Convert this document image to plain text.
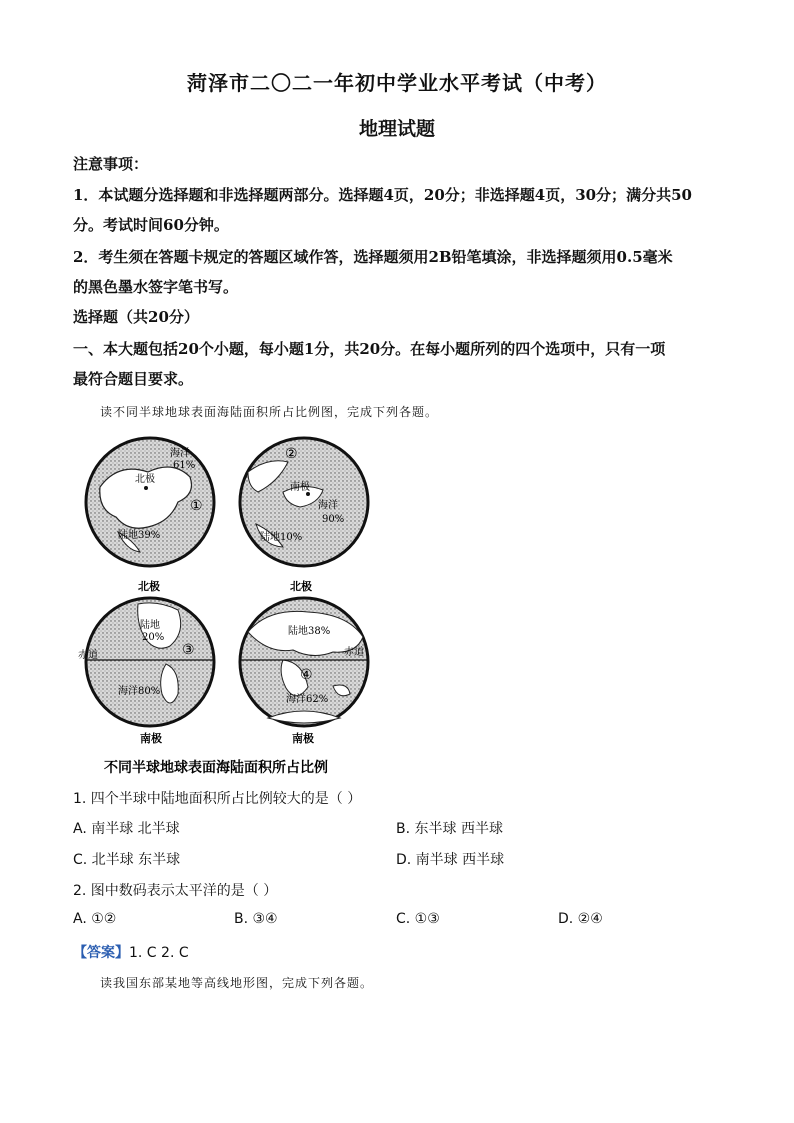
菏泽市二〇二一年初中学业水平考试（中考）
地理试题
注意事项：
1．本试题分选择题和非选择题两部分。选择题4页，20分；非选择题4页，30分；满分共50
分。考试时间60分钟。
2．考生须在答题卡规定的答题区域作答，选择题须用2B铅笔填涂，非选择题须用0.5毫米
的黑色墨水签字笔书写。
选择题（共20分）
一、本大题包括20个小题，每小题1分，共20分。在每小题所列的四个选项中，只有一项
最符合题目要求。
读不同半球地球表面海陆面积所占比例图，完成下列各题。
海洋
61%
北极
①
陆地39%
北极
②
南极
海洋
90%
陆地10%
北极
陆地
20%
③
赤道
海洋80%
南极
陆地38%
赤道
④
海洋62%
南极
不同半球地球表面海陆面积所占比例
1. 四个半球中陆地面积所占比例较大的是（ ）
A. 南半球 北半球	B. 东半球 西半球
C. 北半球 东半球	D. 南半球 西半球
2. 图中数码表示太平洋的是（ ）
A. ①②	B. ③④	C. ①③	D. ②④
【答案】1. C 2. C
读我国东部某地等高线地形图，完成下列各题。
